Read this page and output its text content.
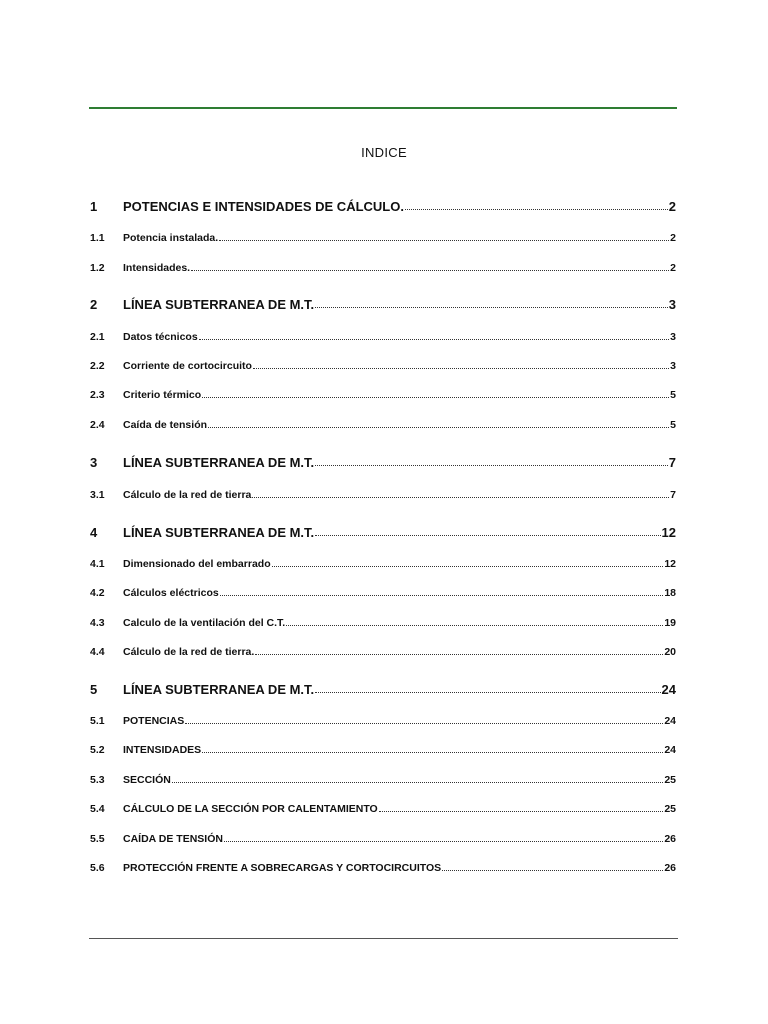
INDICE
1	POTENCIAS E INTENSIDADES DE CÁLCULO.	2
1.1	Potencia instalada.	2
1.2	Intensidades.	2
2	LÍNEA SUBTERRANEA DE M.T.	3
2.1	Datos técnicos	3
2.2	Corriente de cortocircuito	3
2.3	Criterio térmico	5
2.4	Caída de tensión	5
3	LÍNEA SUBTERRANEA DE M.T.	7
3.1	Cálculo de la red de tierra	7
4	LÍNEA SUBTERRANEA DE M.T.	12
4.1	Dimensionado del embarrado	12
4.2	Cálculos eléctricos	18
4.3	Calculo de la ventilación del C.T.	19
4.4	Cálculo de la red de tierra.	20
5	LÍNEA SUBTERRANEA DE M.T.	24
5.1	POTENCIAS	24
5.2	INTENSIDADES	24
5.3	SECCIÓN	25
5.4	CÁLCULO DE LA SECCIÓN POR CALENTAMIENTO	25
5.5	CAÍDA DE TENSIÓN	26
5.6	PROTECCIÓN FRENTE A SOBRECARGAS Y CORTOCIRCUITOS	26
